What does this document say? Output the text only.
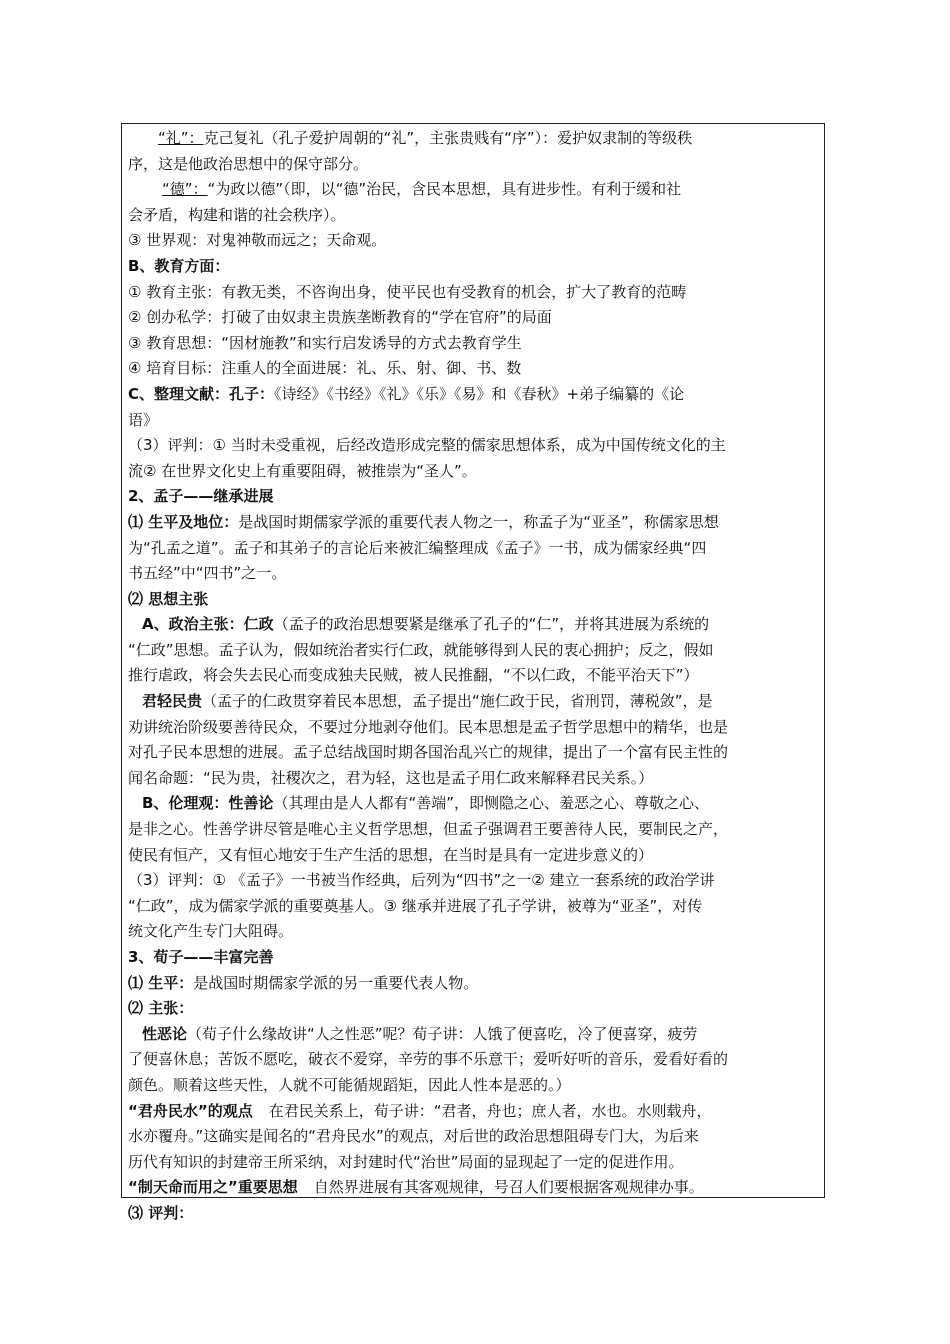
“礼”：克己复礼（孔子爱护周朝的“礼”，主张贵贱有“序”）：爱护奴隶制的等级秩
序，这是他政治思想中的保守部分。
“德”：“为政以德”（即，以“德”治民，含民本思想，具有进步性。有利于缓和社
会矛盾，构建和谐的社会秩序）。
③ 世界观：对鬼神敬而远之；天命观。
B、教育方面：
① 教育主张：有教无类，不咨询出身，使平民也有受教育的机会，扩大了教育的范畴
② 创办私学：打破了由奴隶主贵族垄断教育的“学在官府”的局面
③ 教育思想：“因材施教”和实行启发诱导的方式去教育学生
④ 培育目标：注重人的全面进展：礼、乐、射、御、书、数
C、整理文献：孔子：《诗经》《书经》《礼》《乐》《易》和《春秋》+弟子编纂的《论
语》
（3）评判：① 当时未受重视，后经改造形成完整的儒家思想体系，成为中国传统文化的主
流② 在世界文化史上有重要阻碍，被推崇为“圣人”。
2、孟子——继承进展
⑴ 生平及地位：是战国时期儒家学派的重要代表人物之一，称孟子为“亚圣”，称儒家思想
为“孔孟之道”。孟子和其弟子的言论后来被汇编整理成《孟子》一书，成为儒家经典“四
书五经”中“四书”之一。
⑵ 思想主张
A、政治主张：仁政（孟子的政治思想要紧是继承了孔子的“仁”，并将其进展为系统的
“仁政”思想。孟子认为，假如统治者实行仁政，就能够得到人民的衷心拥护；反之，假如
推行虐政，将会失去民心而变成独夫民贼，被人民推翻，“不以仁政，不能平治天下”）
君轻民贵（孟子的仁政贯穿着民本思想，孟子提出“施仁政于民，省刑罚，薄税敛”，是
劝讲统治阶级要善待民众，不要过分地剥夺他们。民本思想是孟子哲学思想中的精华，也是
对孔子民本思想的进展。孟子总结战国时期各国治乱兴亡的规律，提出了一个富有民主性的
闻名命题：“民为贵，社稷次之，君为轻，这也是孟子用仁政来解释君民关系。）
B、伦理观：性善论（其理由是人人都有“善端”，即恻隐之心、羞恶之心、尊敬之心、
是非之心。性善学讲尽管是唯心主义哲学思想，但孟子强调君王要善待人民，要制民之产，
使民有恒产，又有恒心地安于生产生活的思想，在当时是具有一定进步意义的）
（3）评判：① 《孟子》一书被当作经典，后列为“四书”之一② 建立一套系统的政治学讲
“仁政”，成为儒家学派的重要奠基人。③ 继承并进展了孔子学讲，被尊为“亚圣”，对传
统文化产生专门大阻碍。
3、荀子——丰富完善
⑴ 生平：是战国时期儒家学派的另一重要代表人物。
⑵ 主张：
性恶论（荀子什么缘故讲“人之性恶”呢？荀子讲：人饿了便喜吃，冷了便喜穿，疲劳
了便喜休息；苦饭不愿吃，破衣不爱穿，辛劳的事不乐意干；爱听好听的音乐，爱看好看的
颜色。顺着这些天性，人就不可能循规蹈矩，因此人性本是恶的。）
“君舟民水”的观点 在君民关系上，荀子讲：“君者，舟也；庶人者，水也。水则载舟，
水亦覆舟。”这确实是闻名的“君舟民水”的观点，对后世的政治思想阻碍专门大，为后来
历代有知识的封建帝王所采纳，对封建时代“治世”局面的显现起了一定的促进作用。
“制天命而用之”重要思想 自然界进展有其客观规律，号召人们要根据客观规律办事。
⑶ 评判：
